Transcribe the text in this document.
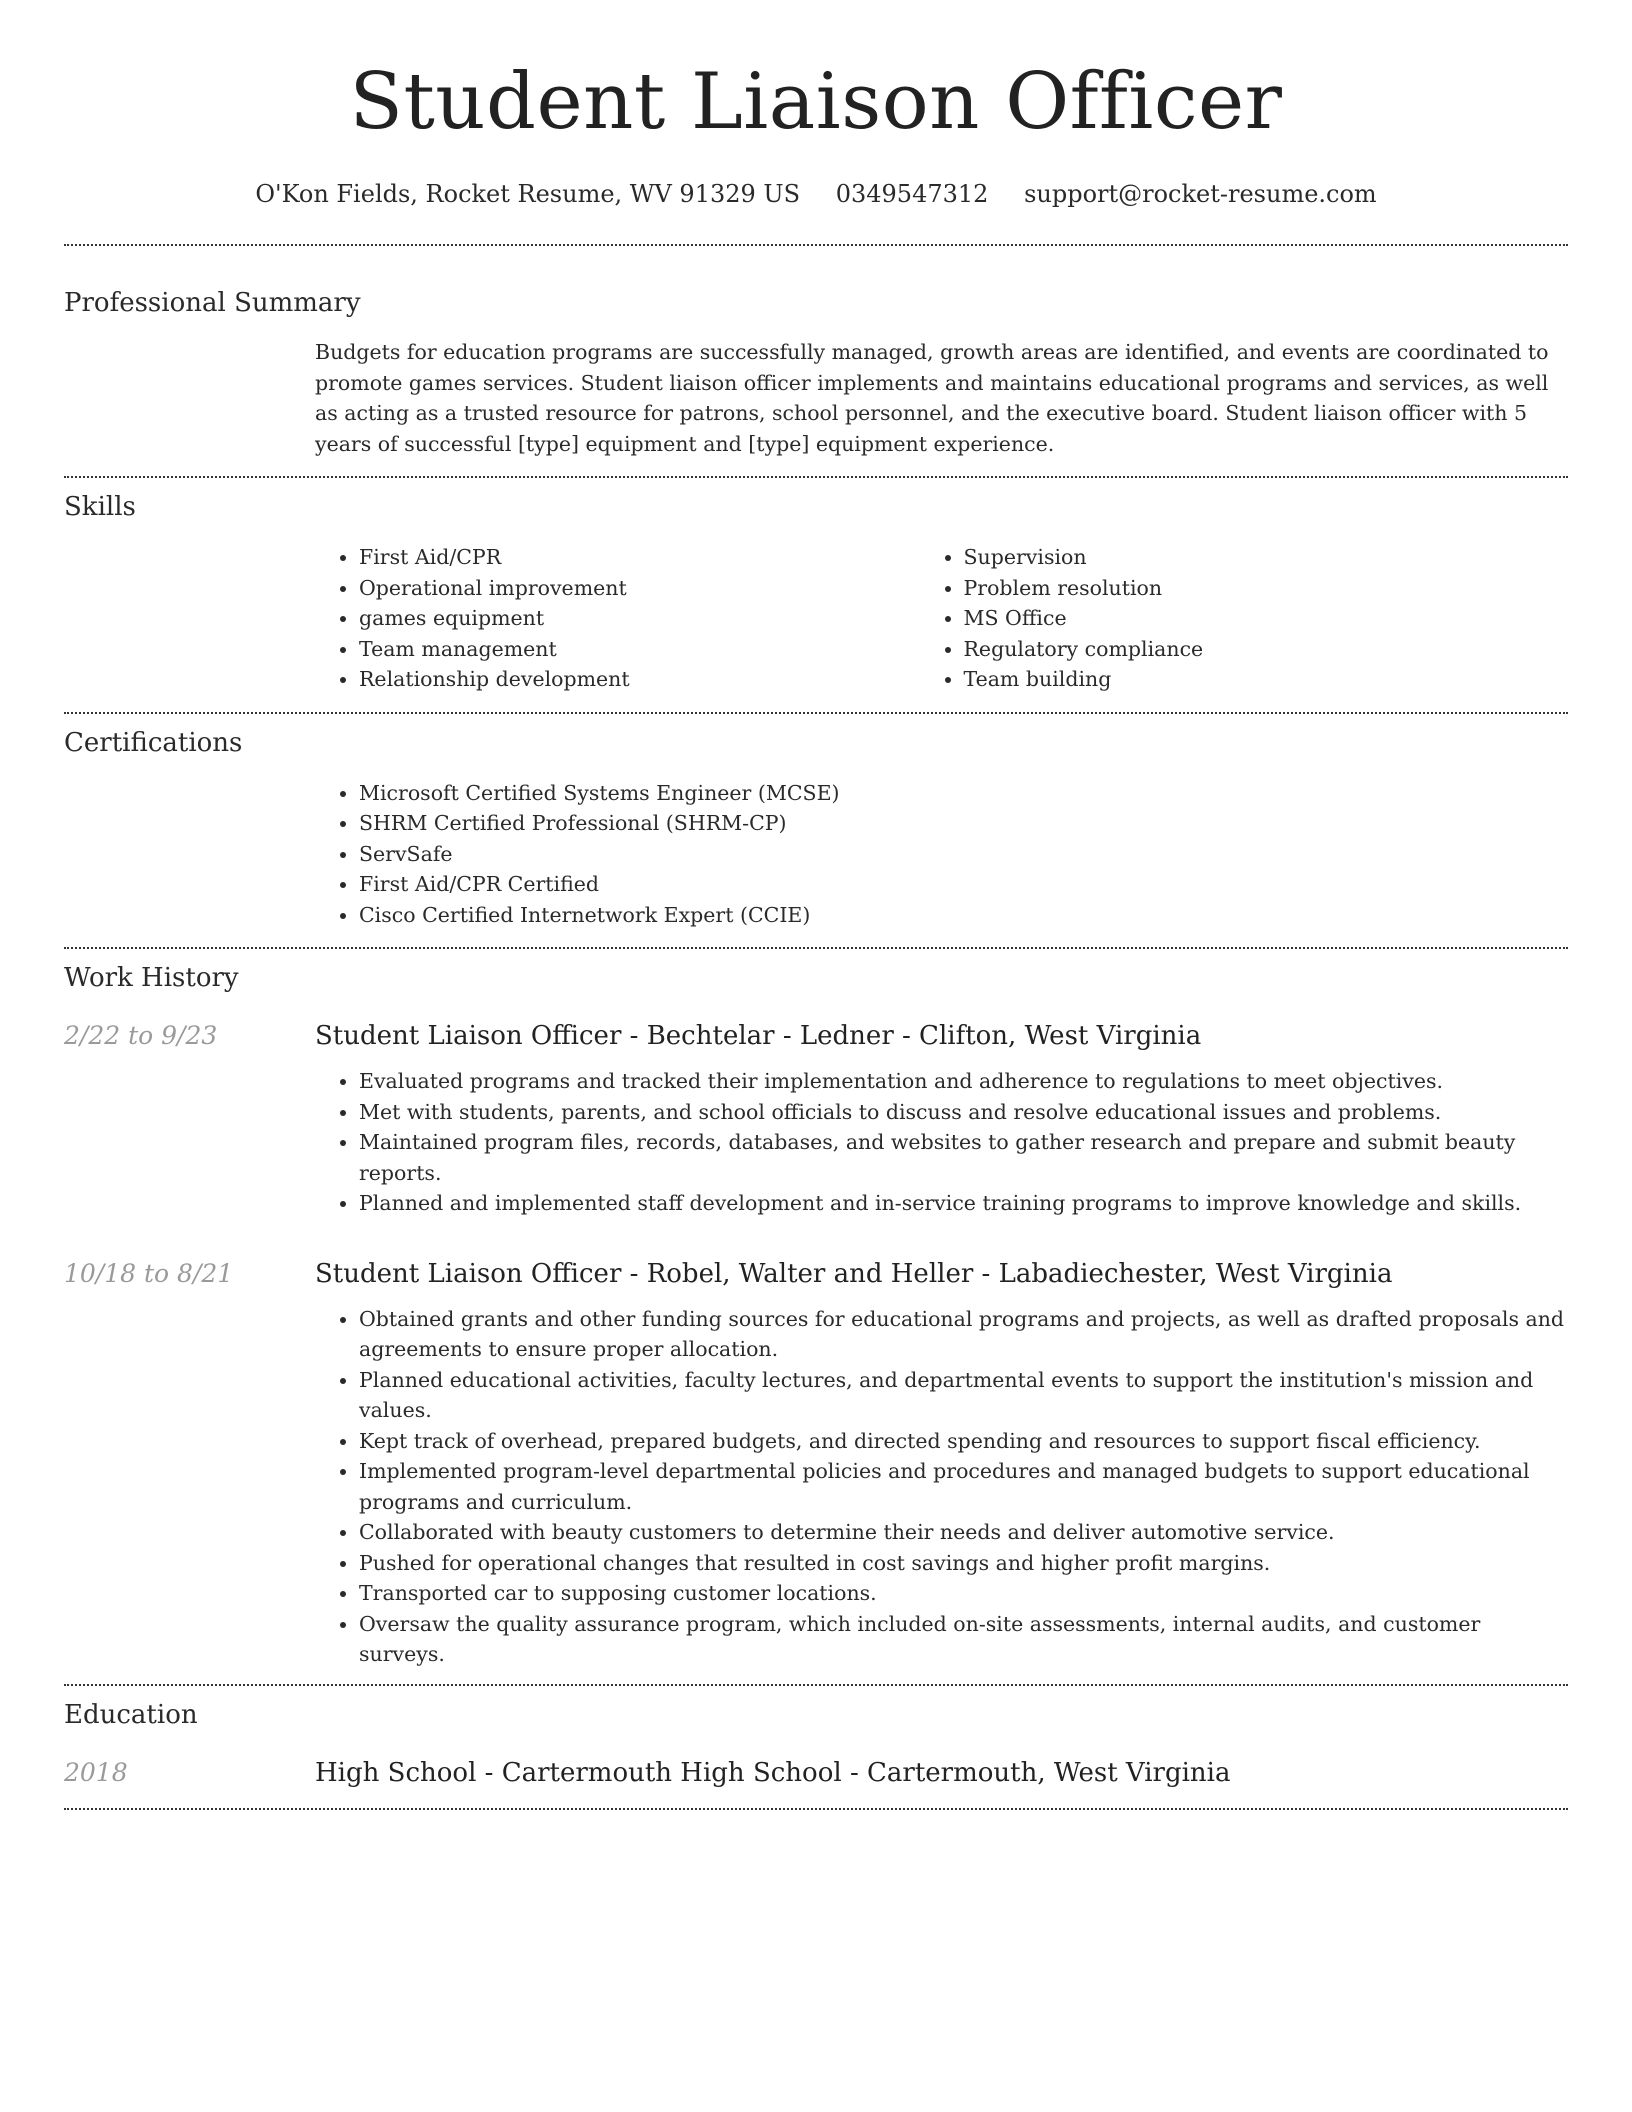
Student Liaison Officer
O'Kon Fields, Rocket Resume, WV 91329 US 0349547312 support@rocket-resume.com
Professional Summary

Budgets for education programs are successfully managed, growth areas are identified, and events are coordinated to promote games services. Student liaison officer implements and maintains educational programs and services, as well as acting as a trusted resource for patrons, school personnel, and the executive board. Student liaison officer with 5 years of successful [type] equipment and [type] equipment experience.

Skills
• First Aid/CPR
• Operational improvement
• games equipment
• Team management
• Relationship development
• Supervision
• Problem resolution
• MS Office
• Regulatory compliance
• Team building
Certifications
• Microsoft Certified Systems Engineer (MCSE)
• SHRM Certified Professional (SHRM-CP)
• ServSafe
• First Aid/CPR Certified
• Cisco Certified Internetwork Expert (CCIE)
Work History
2/22 to 9/23	Student Liaison Officer - Bechtelar - Ledner - Clifton, West Virginia
• Evaluated programs and tracked their implementation and adherence to regulations to meet objectives.
• Met with students, parents, and school officials to discuss and resolve educational issues and problems.
• Maintained program files, records, databases, and websites to gather research and prepare and submit beauty reports.
• Planned and implemented staff development and in-service training programs to improve knowledge and skills.
10/18 to 8/21	Student Liaison Officer - Robel, Walter and Heller - Labadiechester, West Virginia
• Obtained grants and other funding sources for educational programs and projects, as well as drafted proposals and agreements to ensure proper allocation.
• Planned educational activities, faculty lectures, and departmental events to support the institution's mission and values.
• Kept track of overhead, prepared budgets, and directed spending and resources to support fiscal efficiency.
• Implemented program-level departmental policies and procedures and managed budgets to support educational programs and curriculum.
• Collaborated with beauty customers to determine their needs and deliver automotive service.
• Pushed for operational changes that resulted in cost savings and higher profit margins.
• Transported car to supposing customer locations.
• Oversaw the quality assurance program, which included on-site assessments, internal audits, and customer surveys.
Education
2018	High School - Cartermouth High School - Cartermouth, West Virginia
